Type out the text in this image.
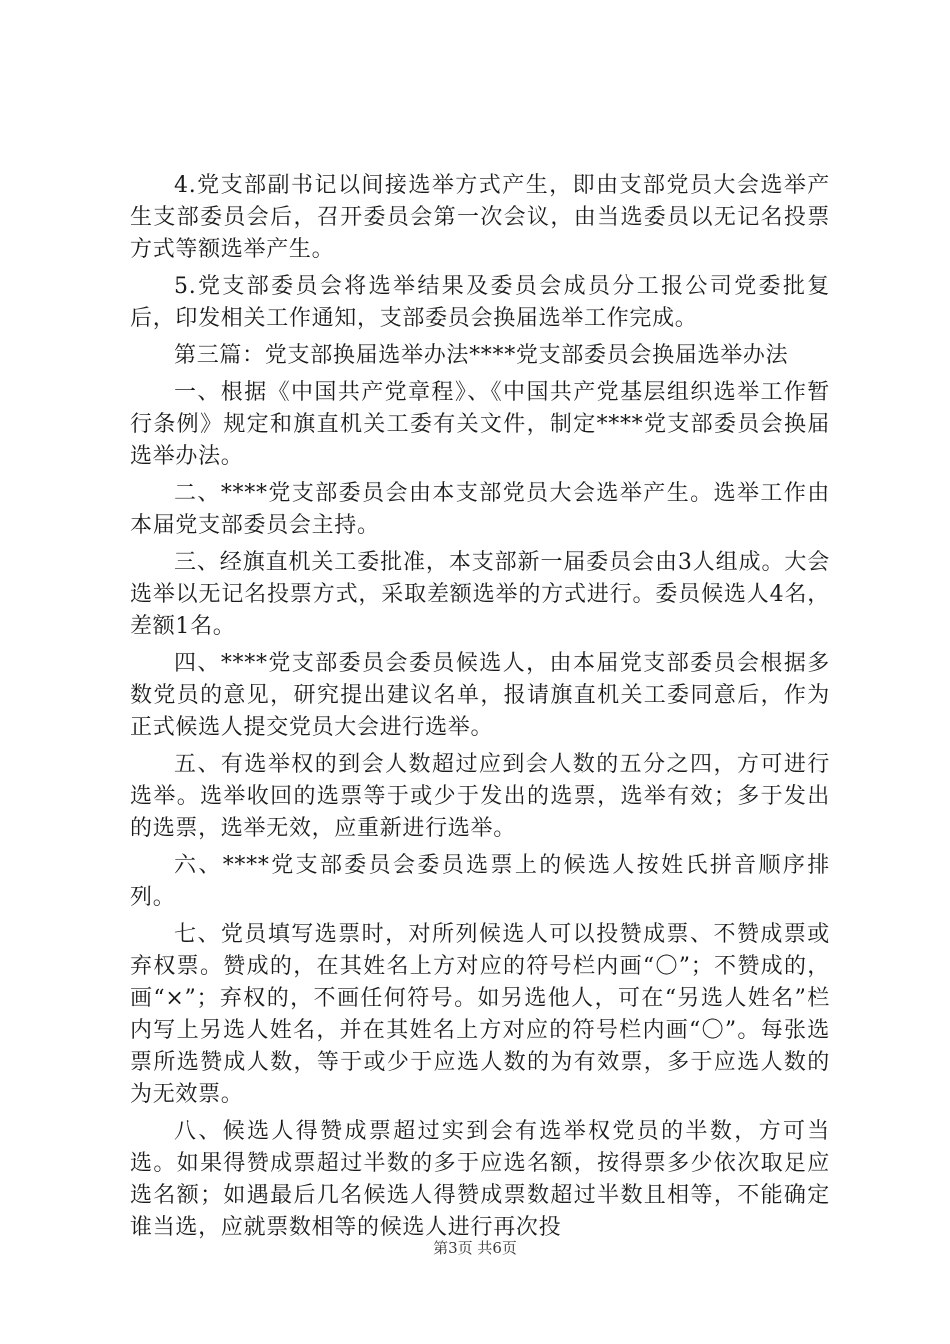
4.党支部副书记以间接选举方式产生，即由支部党员大会选举产生支部委员会后，召开委员会第一次会议，由当选委员以无记名投票方式等额选举产生。

5.党支部委员会将选举结果及委员会成员分工报公司党委批复后，印发相关工作通知，支部委员会换届选举工作完成。

第三篇：党支部换届选举办法****党支部委员会换届选举办法

一、根据《中国共产党章程》、《中国共产党基层组织选举工作暂行条例》规定和旗直机关工委有关文件，制定****党支部委员会换届选举办法。

二、****党支部委员会由本支部党员大会选举产生。选举工作由本届党支部委员会主持。

三、经旗直机关工委批准，本支部新一届委员会由3人组成。大会选举以无记名投票方式，采取差额选举的方式进行。委员候选人4名，差额1名。

四、****党支部委员会委员候选人，由本届党支部委员会根据多数党员的意见，研究提出建议名单，报请旗直机关工委同意后，作为正式候选人提交党员大会进行选举。

五、有选举权的到会人数超过应到会人数的五分之四，方可进行选举。选举收回的选票等于或少于发出的选票，选举有效；多于发出的选票，选举无效，应重新进行选举。

六、****党支部委员会委员选票上的候选人按姓氏拼音顺序排列。

七、党员填写选票时，对所列候选人可以投赞成票、不赞成票或弃权票。赞成的，在其姓名上方对应的符号栏内画“〇”；不赞成的，画“×”；弃权的，不画任何符号。如另选他人，可在“另选人姓名”栏内写上另选人姓名，并在其姓名上方对应的符号栏内画“〇”。每张选票所选赞成人数，等于或少于应选人数的为有效票，多于应选人数的为无效票。

八、候选人得赞成票超过实到会有选举权党员的半数，方可当选。如果得赞成票超过半数的多于应选名额，按得票多少依次取足应选名额；如遇最后几名候选人得赞成票数超过半数且相等，不能确定谁当选，应就票数相等的候选人进行再次投

第3页 共6页
